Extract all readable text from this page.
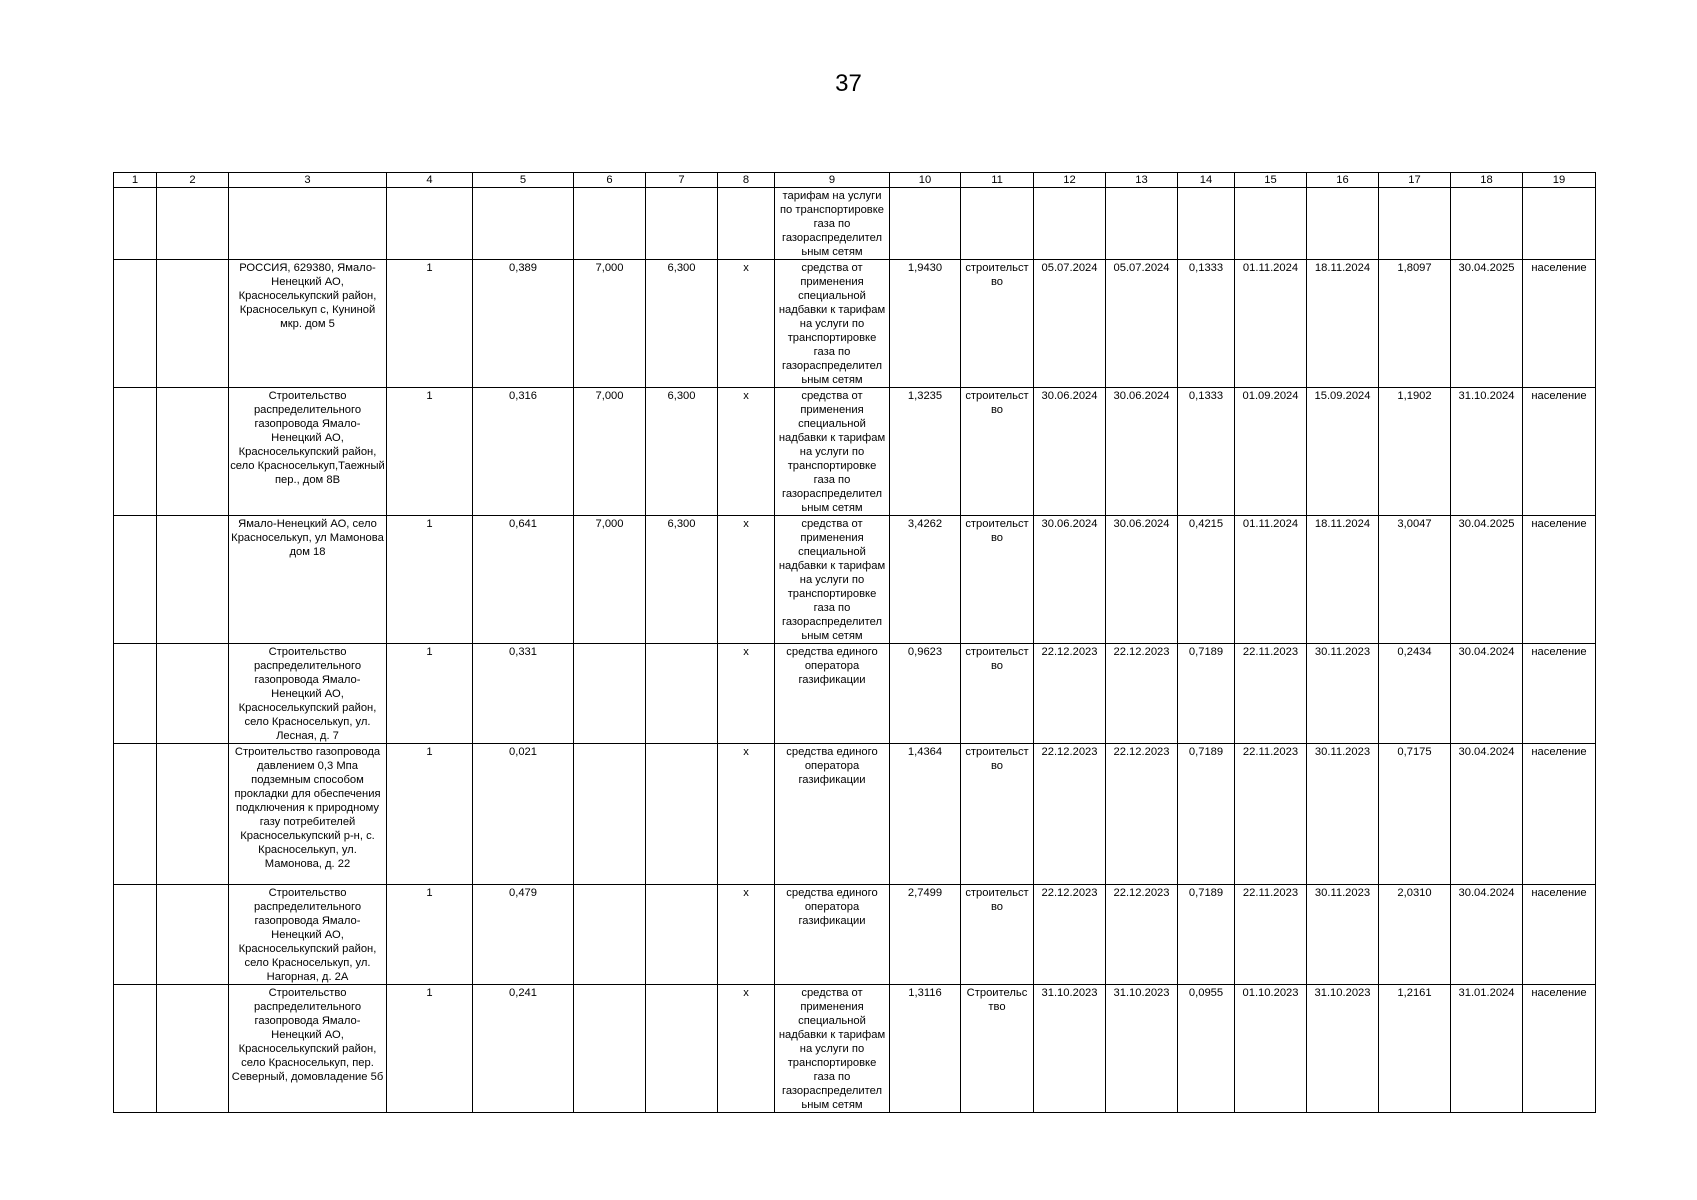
37
1	2	3	4	5	6	7	8	9	10	11	12	13	14	15	16	17	18	19
								тарифам на услуги по транспортировке газа по газораспределител ьным сетям										
		РОССИЯ, 629380, Ямало-Ненецкий АО, Красноселькупский район, Красноселькуп с, Куниной мкр. дом 5	1	0,389	7,000	6,300	x	средства от применения специальной надбавки к тарифам на услуги по транспортировке газа по газораспределител ьным сетям	1,9430	строительст во	05.07.2024	05.07.2024	0,1333	01.11.2024	18.11.2024	1,8097	30.04.2025	население
		Строительство распределительного газопровода Ямало-Ненецкий АО, Красноселькупский район, село Красноселькуп,Таежный пер., дом 8В	1	0,316	7,000	6,300	x	средства от применения специальной надбавки к тарифам на услуги по транспортировке газа по газораспределител ьным сетям	1,3235	строительст во	30.06.2024	30.06.2024	0,1333	01.09.2024	15.09.2024	1,1902	31.10.2024	население
		Ямало-Ненецкий АО, село Красноселькуп, ул Мамонова дом 18	1	0,641	7,000	6,300	x	средства от применения специальной надбавки к тарифам на услуги по транспортировке газа по газораспределител ьным сетям	3,4262	строительст во	30.06.2024	30.06.2024	0,4215	01.11.2024	18.11.2024	3,0047	30.04.2025	население
		Строительство распределительного газопровода Ямало-Ненецкий АО, Красноселькупский район, село Красноселькуп, ул. Лесная, д. 7	1	0,331			x	средства единого оператора газификации	0,9623	строительст во	22.12.2023	22.12.2023	0,7189	22.11.2023	30.11.2023	0,2434	30.04.2024	население
		Строительство газопровода давлением 0,3 Мпа подземным способом прокладки для обеспечения подключения к природному газу потребителей Красноселькупский р-н, с. Красноселькуп, ул. Мамонова, д. 22	1	0,021			x	средства единого оператора газификации	1,4364	строительст во	22.12.2023	22.12.2023	0,7189	22.11.2023	30.11.2023	0,7175	30.04.2024	население
		Строительство распределительного газопровода Ямало-Ненецкий АО, Красноселькупский район, село Красноселькуп, ул. Нагорная, д. 2А	1	0,479			x	средства единого оператора газификации	2,7499	строительст во	22.12.2023	22.12.2023	0,7189	22.11.2023	30.11.2023	2,0310	30.04.2024	население
		Строительство распределительного газопровода Ямало-Ненецкий АО, Красноселькупский район, село Красноселькуп, пер. Северный, домовладение 5б	1	0,241			x	средства от применения специальной надбавки к тарифам на услуги по транспортировке газа по газораспределител ьным сетям	1,3116	Строительс тво	31.10.2023	31.10.2023	0,0955	01.10.2023	31.10.2023	1,2161	31.01.2024	население
